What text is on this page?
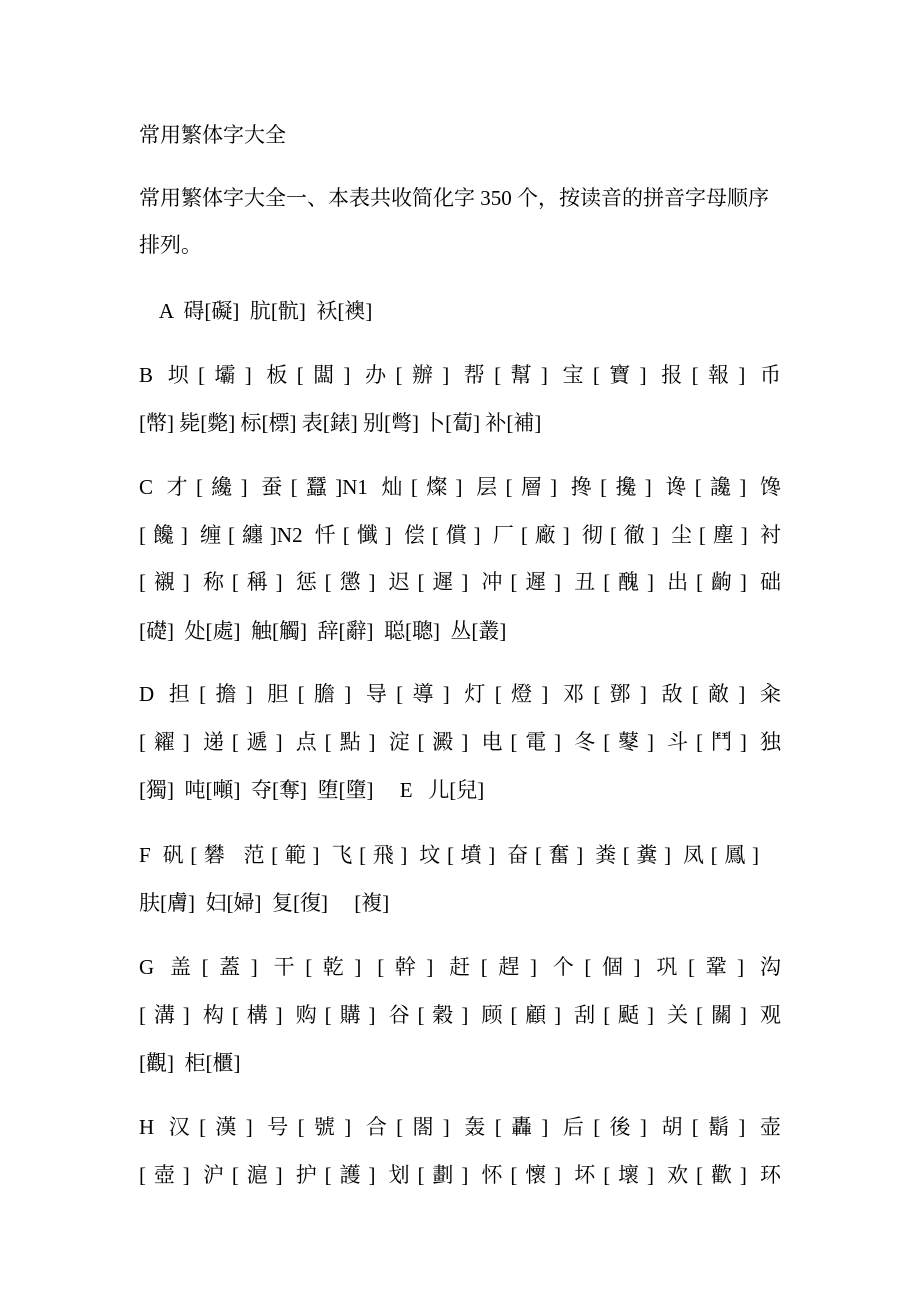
常用繁体字大全
常用繁体字大全一、本表共收简化字 350 个，按读音的拼音字母顺序
排列。
A  碍[礙]  肮[骯]  袄[襖]
B 坝[壩] 板[闆] 办[辦] 帮[幫] 宝[寶] 报[報] 币
[幣] 毙[斃] 标[標] 表[錶] 别[彆] 卜[蔔] 补[補]
C 才[纔] 蚕[蠶]N1 灿[燦] 层[層] 搀[攙] 谗[讒] 馋
[饞] 缠[纏]N2 忏[懺] 偿[償] 厂[廠] 彻[徹] 尘[塵] 衬
[襯] 称[稱] 惩[懲] 迟[遲] 冲[遲] 丑[醜] 出[齣] 础
[礎]  处[處]  触[觸]  辞[辭]  聪[聰]  丛[叢]
D 担[擔] 胆[膽] 导[導] 灯[燈] 邓[鄧] 敌[敵] 籴
[糴] 递[遞] 点[點] 淀[澱] 电[電] 冬[鼕] 斗[鬥] 独
[獨]  吨[噸]  夺[奪]  堕[墮]     E   儿[兒]
F 矾[礬 范[範] 飞[飛] 坟[墳] 奋[奮] 粪[糞] 凤[鳳]
肤[膚]  妇[婦]  复[復]     [複]
G 盖[蓋] 干[乾] [幹] 赶[趕] 个[個] 巩[鞏] 沟
[溝] 构[構] 购[購] 谷[穀] 顾[顧] 刮[颳] 关[關] 观
[觀]  柜[櫃]
H 汉[漢] 号[號] 合[閤] 轰[轟] 后[後] 胡[鬍] 壶
[壺] 沪[滬] 护[護] 划[劃] 怀[懷] 坏[壞] 欢[歡] 环
